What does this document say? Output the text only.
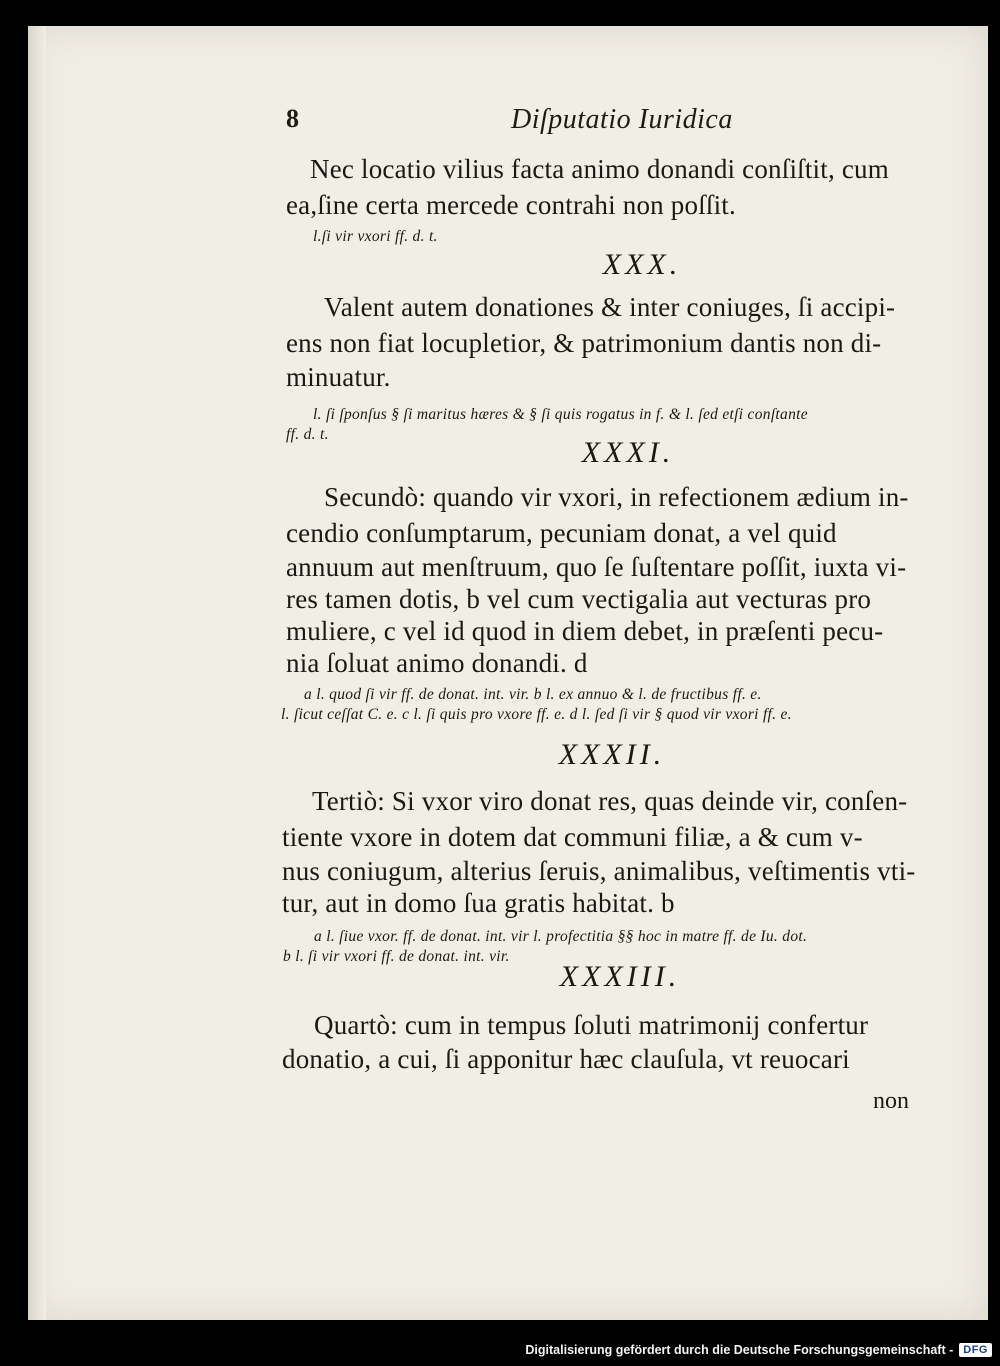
8	Diſputatio Iuridica
Nec locatio vilius facta animo donandi conſiſtit, cum
ea,ſine certa mercede contrahi non poſſit.
l.ſi vir vxori ff. d. t.
XXX.
Valent autem donationes & inter coniuges, ſi accipi-
ens non fiat locupletior, & patrimonium dantis non di-
minuatur.
l. ſi ſponſus § ſi maritus hæres & § ſi quis rogatus in f. & l. ſed etſi conſtante
ff. d. t.
XXXI.
Secundò: quando vir vxori, in refectionem ædium in-
cendio conſumptarum, pecuniam donat, a vel quid
annuum aut menſtruum, quo ſe ſuſtentare poſſit, iuxta vi-
res tamen dotis, b vel cum vectigalia aut vecturas pro
muliere, c vel id quod in diem debet, in præſenti pecu-
nia ſoluat animo donandi. d
a l. quod ſi vir ff. de donat. int. vir. b l. ex annuo & l. de fructibus ff. e.
l. ſicut ceſſat C. e. c l. ſi quis pro vxore ff. e. d l. ſed ſi vir § quod vir vxori ff. e.
XXXII.
Tertiò: Si vxor viro donat res, quas deinde vir, conſen-
tiente vxore in dotem dat communi filiæ, a & cum v-
nus coniugum, alterius ſeruis, animalibus, veſtimentis vti-
tur, aut in domo ſua gratis habitat. b
a l. ſiue vxor. ff. de donat. int. vir l. profectitia §§ hoc in matre ff. de Iu. dot.
b l. ſi vir vxori ff. de donat. int. vir.
XXXIII.
Quartò: cum in tempus ſoluti matrimonij confertur
donatio, a cui, ſi apponitur hæc clauſula, vt reuocari
non
Digitalisierung gefördert durch die Deutsche Forschungsgemeinschaft - DFG
